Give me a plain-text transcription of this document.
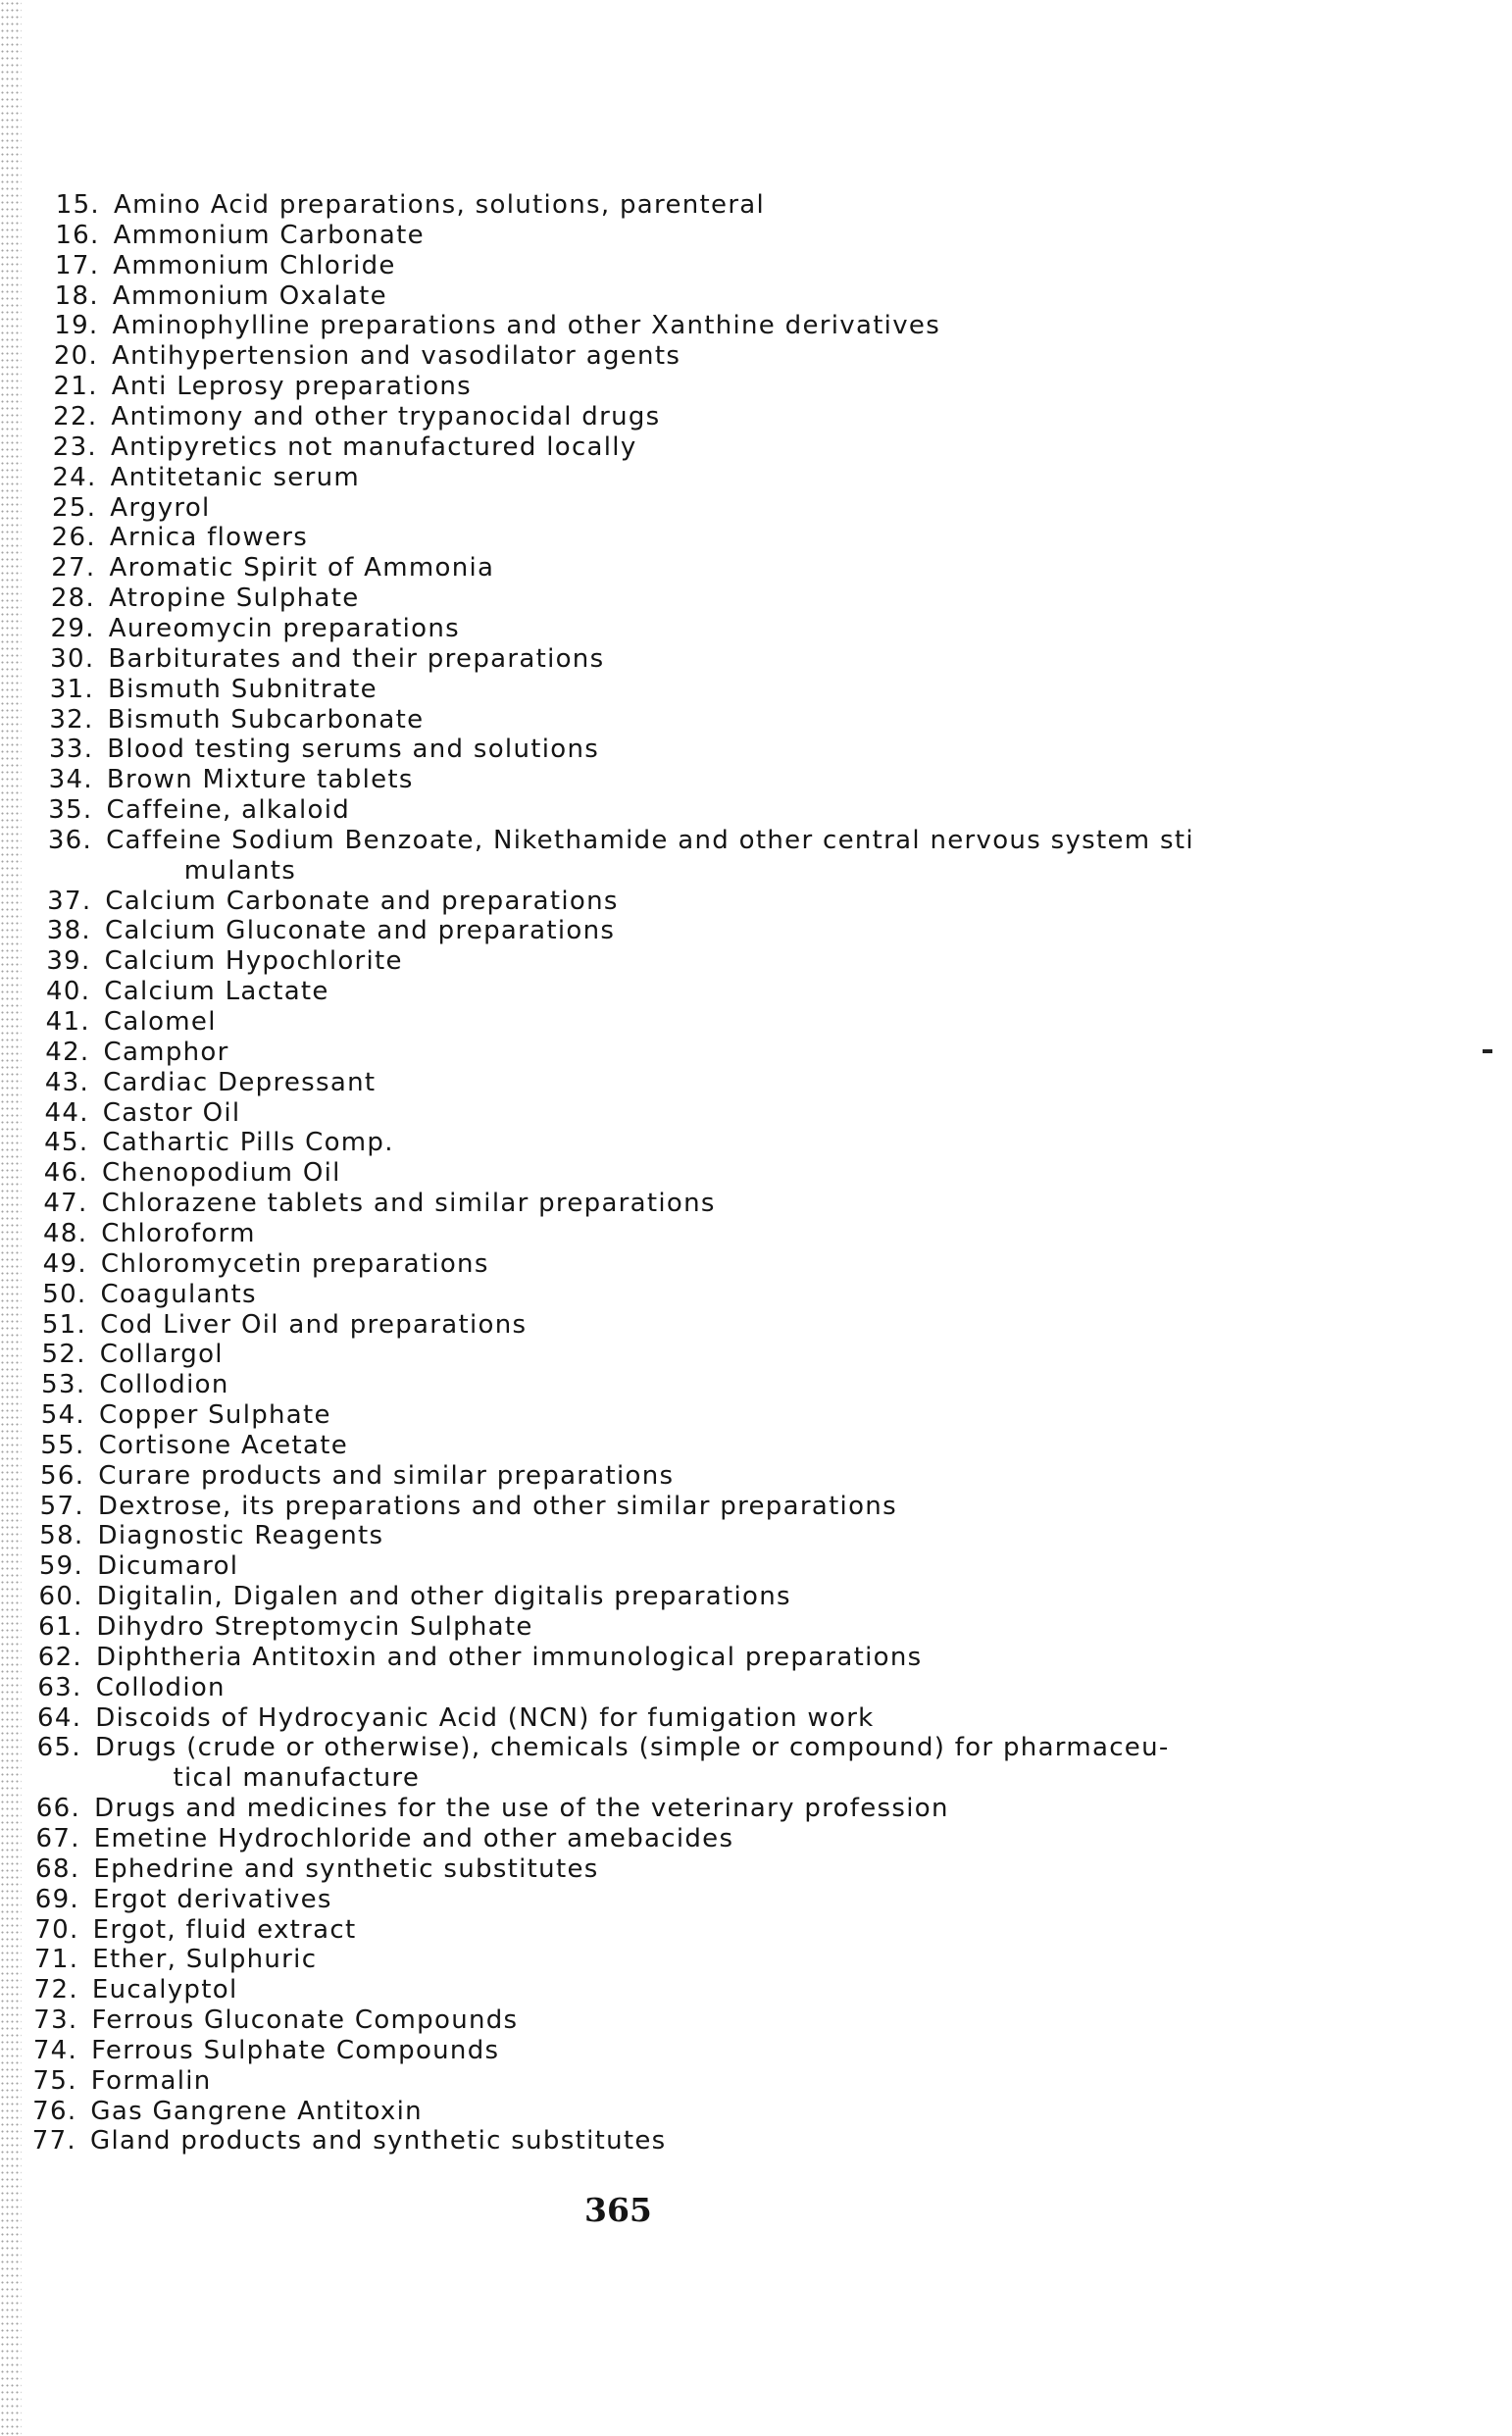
15. Amino Acid preparations, solutions, parenteral
16. Ammonium Carbonate
17. Ammonium Chloride
18. Ammonium Oxalate
19. Aminophylline preparations and other Xanthine derivatives
20. Antihypertension and vasodilator agents
21. Anti Leprosy preparations
22. Antimony and other trypanocidal drugs
23. Antipyretics not manufactured locally
24. Antitetanic serum
25. Argyrol
26. Arnica flowers
27. Aromatic Spirit of Ammonia
28. Atropine Sulphate
29. Aureomycin preparations
30. Barbiturates and their preparations
31. Bismuth Subnitrate
32. Bismuth Subcarbonate
33. Blood testing serums and solutions
34. Brown Mixture tablets
35. Caffeine, alkaloid
36. Caffeine Sodium Benzoate, Nikethamide and other central nervous system sti
mulants
37. Calcium Carbonate and preparations
38. Calcium Gluconate and preparations
39. Calcium Hypochlorite
40. Calcium Lactate
41. Calomel
42. Camphor
43. Cardiac Depressant
44. Castor Oil
45. Cathartic Pills Comp.
46. Chenopodium Oil
47. Chlorazene tablets and similar preparations
48. Chloroform
49. Chloromycetin preparations
50. Coagulants
51. Cod Liver Oil and preparations
52. Collargol
53. Collodion
54. Copper Sulphate
55. Cortisone Acetate
56. Curare products and similar preparations
57. Dextrose, its preparations and other similar preparations
58. Diagnostic Reagents
59. Dicumarol
60. Digitalin, Digalen and other digitalis preparations
61. Dihydro Streptomycin Sulphate
62. Diphtheria Antitoxin and other immunological preparations
63. Collodion
64. Discoids of Hydrocyanic Acid (NCN) for fumigation work
65. Drugs (crude or otherwise), chemicals (simple or compound) for pharmaceu-
tical manufacture
66. Drugs and medicines for the use of the veterinary profession
67. Emetine Hydrochloride and other amebacides
68. Ephedrine and synthetic substitutes
69. Ergot derivatives
70. Ergot, fluid extract
71. Ether, Sulphuric
72. Eucalyptol
73. Ferrous Gluconate Compounds
74. Ferrous Sulphate Compounds
75. Formalin
76. Gas Gangrene Antitoxin
77. Gland products and synthetic substitutes
365
